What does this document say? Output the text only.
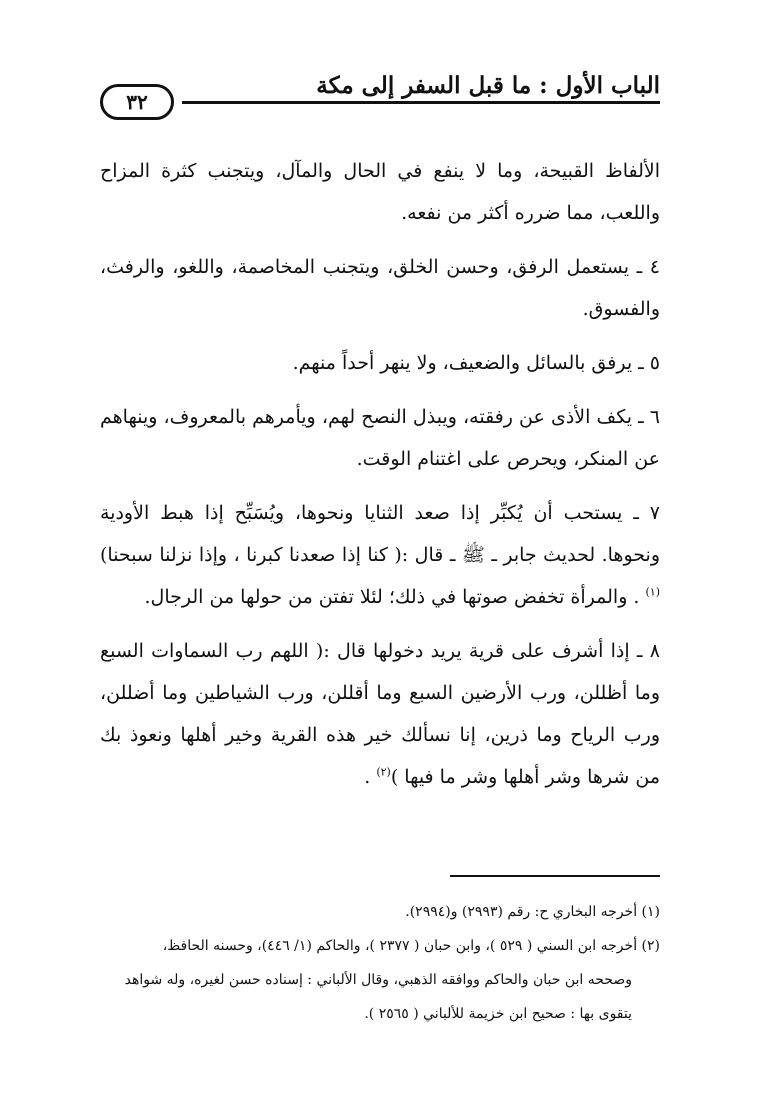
الباب الأول : ما قبل السفر إلى مكة
٣٢

الألفاظ القبيحة، وما لا ينفع في الحال والمآل، ويتجنب كثرة المزاح واللعب، مما ضرره أكثر من نفعه.

٤ ـ يستعمل الرفق، وحسن الخلق، ويتجنب المخاصمة، واللغو، والرفث، والفسوق.

٥ ـ يرفق بالسائل والضعيف، ولا ينهر أحداً منهم.

٦ ـ يكف الأذى عن رفقته، ويبذل النصح لهم، ويأمرهم بالمعروف، وينهاهم عن المنكر، ويحرص على اغتنام الوقت.

٧ ـ يستحب أن يُكبِّر إذا صعد الثنايا ونحوها، ويُسَبِّح إذا هبط الأودية ونحوها. لحديث جابر ـ ﷺ ـ قال :( كنا إذا صعدنا كبرنا ، وإذا نزلنا سبحنا)$^{(١)}$ . والمرأة تخفض صوتها في ذلك؛ لئلا تفتن من حولها من الرجال.

٨ ـ إذا أشرف على قرية يريد دخولها قال :( اللهم رب السماوات السبع وما أظللن، ورب الأرضين السبع وما أقللن، ورب الشياطين وما أضللن، ورب الرياح وما ذرين، إنا نسألك خير هذه القرية وخير أهلها ونعوذ بك من شرها وشر أهلها وشر ما فيها )$^{(٢)}$ .

(١) أخرجه البخاري ح: رقم (٢٩٩٣) و(٢٩٩٤).

(٢) أخرجه ابن السني ( ٥٢٩ )، وابن حبان ( ٢٣٧٧ )، والحاكم (١/ ٤٤٦)، وحسنه الحافظ،

وصححه ابن حبان والحاكم ووافقه الذهبي، وقال الألباني : إسناده حسن لغيره، وله شواهد

يتقوى بها : صحيح ابن خزيمة للألباني ( ٢٥٦٥ ).
